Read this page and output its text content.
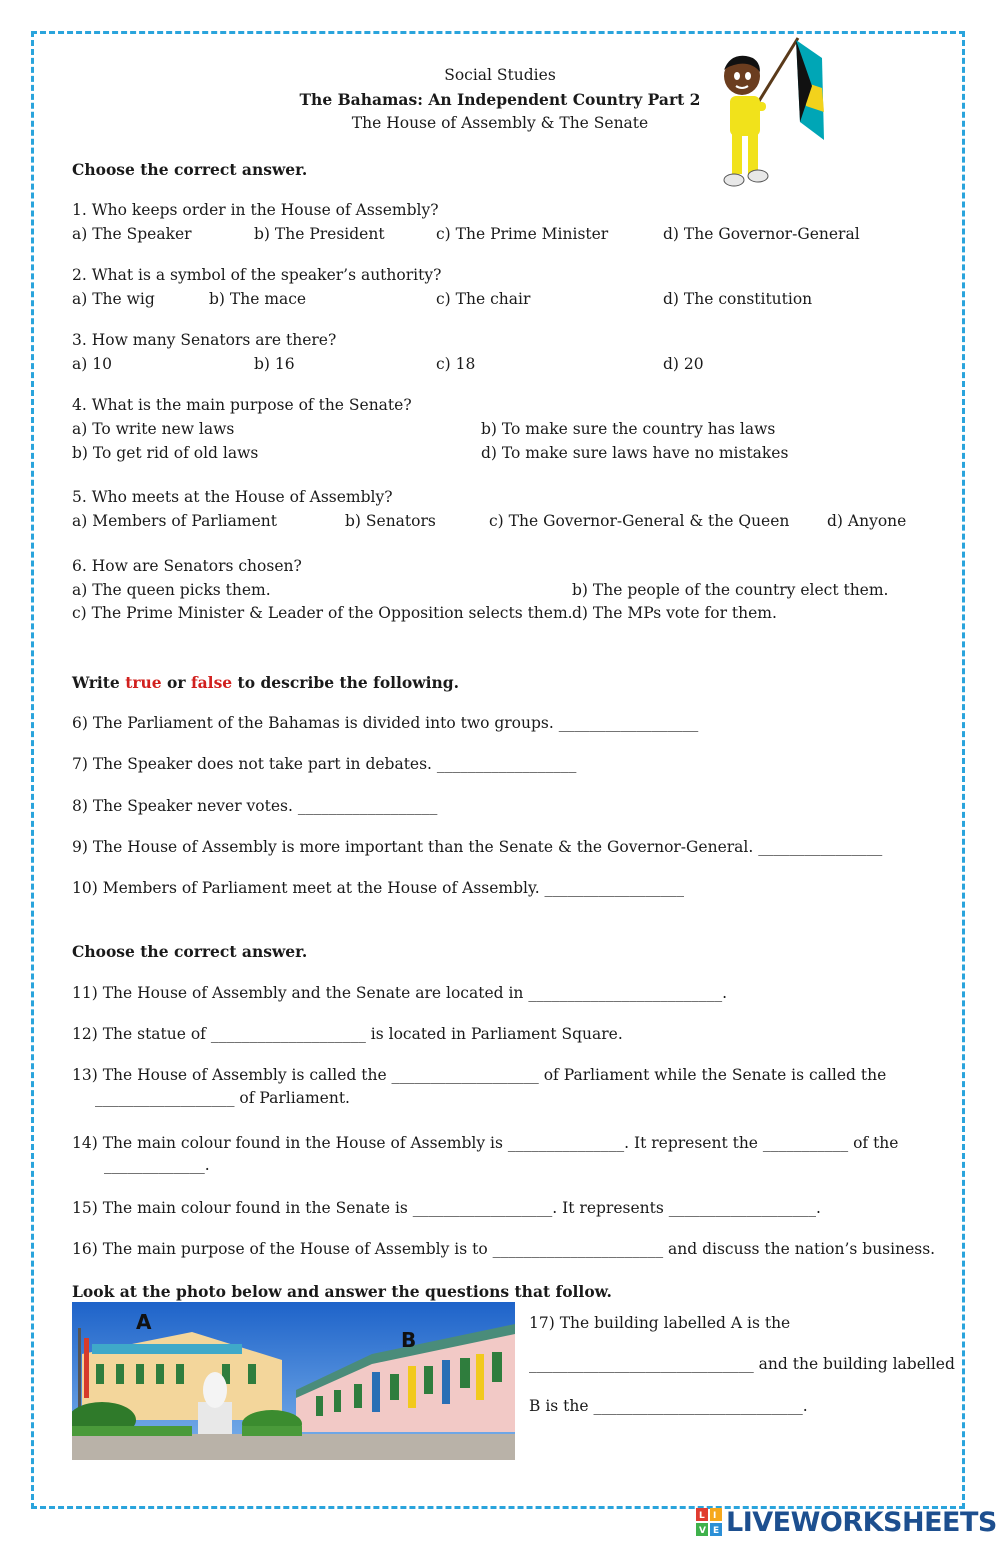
Social Studies
The Bahamas: An Independent Country Part 2
The House of Assembly & The Senate
Choose the correct answer.
1. Who keeps order in the House of Assembly?
a) The Speaker	b) The President	c) The Prime Minister	d) The Governor-General
2. What is a symbol of the speaker’s authority?
a) The wig	b) The mace	c) The chair	d) The constitution
3. How many Senators are there?
a) 10	b) 16	c) 18	d) 20
4. What is the main purpose of the Senate?
a) To write new laws	b) To make sure the country has laws
b) To get rid of old laws	d) To make sure laws have no mistakes
5. Who meets at the House of Assembly?
a) Members of Parliament	b) Senators	c) The Governor-General & the Queen d) Anyone
6. How are Senators chosen?
a) The queen picks them.	b) The people of the country elect them.
c) The Prime Minister & Leader of the Opposition selects them. d) The MPs vote for them.
Write true or false to describe the following.
6) The Parliament of the Bahamas is divided into two groups. __________________
7) The Speaker does not take part in debates. __________________
8) The Speaker never votes. __________________
9) The House of Assembly is more important than the Senate & the Governor-General. ________________
10) Members of Parliament meet at the House of Assembly. __________________
Choose the correct answer.
11) The House of Assembly and the Senate are located in _________________________.
12) The statue of ____________________ is located in Parliament Square.
13) The House of Assembly is called the ___________________ of Parliament while the Senate is called the
__________________ of Parliament.
14) The main colour found in the House of Assembly is _______________. It represent the ___________ of the
_____________.
15) The main colour found in the Senate is __________________. It represents ___________________.
16) The main purpose of the House of Assembly is to ______________________ and discuss the nation’s business.
Look at the photo below and answer the questions that follow.
A
B
17) The building labelled A is the
_____________________________ and the building labelled
B is the ___________________________.
L I
V E LIVEWORKSHEETS
